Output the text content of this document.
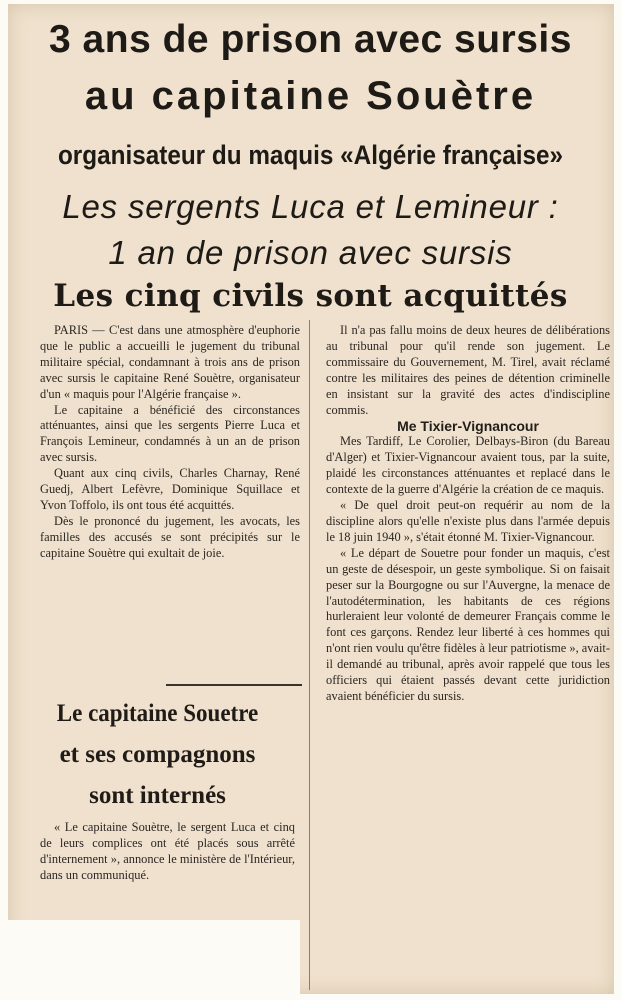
3 ans de prison avec sursis
au capitaine Souètre
organisateur du maquis «Algérie française»
Les sergents Luca et Lemineur :
1 an de prison avec sursis
Les cinq civils sont acquittés

PARIS — C'est dans une atmosphère d'euphorie que le public a accueilli le jugement du tribunal militaire spécial, condamnant à trois ans de prison avec sursis le capitaine René Souètre, organisateur d'un « maquis pour l'Algérie française ».

Le capitaine a bénéficié des circonstances atténuantes, ainsi que les sergents Pierre Luca et François Lemineur, condamnés à un an de prison avec sursis.

Quant aux cinq civils, Charles Charnay, René Guedj, Albert Lefèvre, Dominique Squillace et Yvon Toffolo, ils ont tous été acquittés.

Dès le prononcé du jugement, les avocats, les familles des accusés se sont précipités sur le capitaine Souètre qui exultait de joie.

Le capitaine Souetre
et ses compagnons
sont internés

« Le capitaine Souètre, le sergent Luca et cinq de leurs complices ont été placés sous arrêté d'internement », annonce le ministère de l'Intérieur, dans un communiqué.

Il n'a pas fallu moins de deux heures de délibérations au tribunal pour qu'il rende son jugement. Le commissaire du Gouvernement, M. Tirel, avait réclamé contre les militaires des peines de détention criminelle en insistant sur la gravité des actes d'indiscipline commis.

Me Tixier-Vignancour

Mes Tardiff, Le Corolier, Delbays-Biron (du Bareau d'Alger) et Tixier-Vignancour avaient tous, par la suite, plaidé les circonstances atténuantes et replacé dans le contexte de la guerre d'Algérie la création de ce maquis.

« De quel droit peut-on requérir au nom de la discipline alors qu'elle n'existe plus dans l'armée depuis le 18 juin 1940 », s'était étonné M. Tixier-Vignancour.

« Le départ de Souetre pour fonder un maquis, c'est un geste de désespoir, un geste symbolique. Si on faisait peser sur la Bourgogne ou sur l'Auvergne, la menace de l'autodétermination, les habitants de ces régions hurleraient leur volonté de demeurer Français comme le font ces garçons. Rendez leur liberté à ces hommes qui n'ont rien voulu qu'être fidèles à leur patriotisme », avait-il demandé au tribunal, après avoir rappelé que tous les officiers qui étaient passés devant cette juridiction avaient bénéficier du sursis.
